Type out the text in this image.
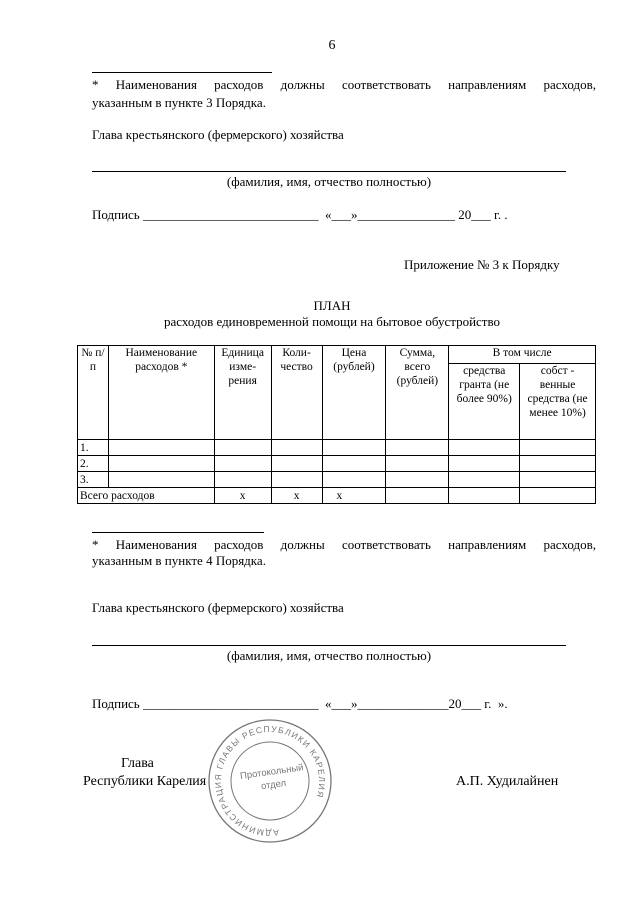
6
* Наименования расходов должны соответствовать направлениям расходов,
указанным в пункте 3 Порядка.
Глава крестьянского (фермерского) хозяйства
(фамилия, имя, отчество полностью)
Подпись ___________________________  «___»_______________ 20___ г. .
Приложение № 3 к Порядку
ПЛАН
расходов единовременной помощи на бытовое обустройство
№ п/п	Наименование расходов *	Единица изме-рения	Коли-чество	Цена (рублей)	Сумма, всего (рублей)	В том числе	
						средства гранта (не более 90%)	собст - венные средства (не менее 10%)
1.							
2.							
3.							
Всего расходов		х	х	х			
* Наименования расходов должны соответствовать направлениям расходов,
указанным в пункте 4 Порядка.
Глава крестьянского (фермерского) хозяйства
(фамилия, имя, отчество полностью)
Подпись ___________________________  «___»______________20___ г.  ».
Глава
Республики Карелия	А.П. Худилайнен
АДМИНИСТРАЦИЯ ГЛАВЫ РЕСПУБЛИКИ КАРЕЛИЯ
Протокольный
отдел
